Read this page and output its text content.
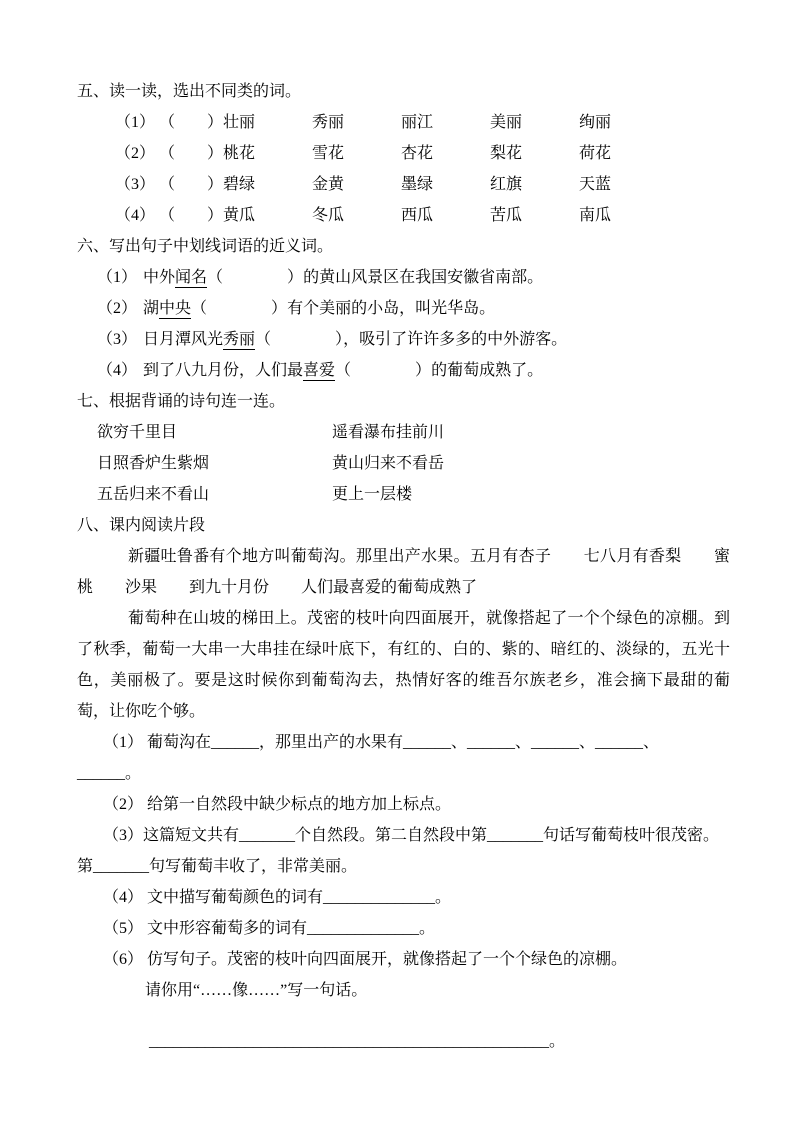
五、读一读，选出不同类的词。
（1） （　　）壮丽	秀丽	丽江	美丽	绚丽
（2） （　　）桃花	雪花	杏花	梨花	荷花
（3） （　　）碧绿	金黄	墨绿	红旗	天蓝
（4） （　　）黄瓜	冬瓜	西瓜	苦瓜	南瓜
六、写出句子中划线词语的近义词。
（1） 中外闻名（　　　　）的黄山风景区在我国安徽省南部。
（2） 湖中央（　　　　）有个美丽的小岛，叫光华岛。
（3） 日月潭风光秀丽（　　　　），吸引了许许多多的中外游客。
（4） 到了八九月份，人们最喜爱（　　　　）的葡萄成熟了。
七、根据背诵的诗句连一连。
欲穷千里目	遥看瀑布挂前川
日照香炉生紫烟	黄山归来不看岳
五岳归来不看山	更上一层楼
八、课内阅读片段

新疆吐鲁番有个地方叫葡萄沟。那里出产水果。五月有杏子　　七八月有香梨　　蜜桃　　沙果　　到九十月份　　人们最喜爱的葡萄成熟了

葡萄种在山坡的梯田上。茂密的枝叶向四面展开，就像搭起了一个个绿色的凉棚。到了秋季，葡萄一大串一大串挂在绿叶底下，有红的、白的、紫的、暗红的、淡绿的，五光十色，美丽极了。要是这时候你到葡萄沟去，热情好客的维吾尔族老乡，准会摘下最甜的葡萄，让你吃个够。

（1） 葡萄沟在______，那里出产的水果有______、______、______、______、
______。
（2） 给第一自然段中缺少标点的地方加上标点。
（3）这篇短文共有_______个自然段。第二自然段中第_______句话写葡萄枝叶很茂密。
第_______句写葡萄丰收了，非常美丽。
（4） 文中描写葡萄颜色的词有______________。
（5） 文中形容葡萄多的词有______________。
（6） 仿写句子。茂密的枝叶向四面展开，就像搭起了一个个绿色的凉棚。
请你用“……像……”写一句话。
__________________________________________________。
